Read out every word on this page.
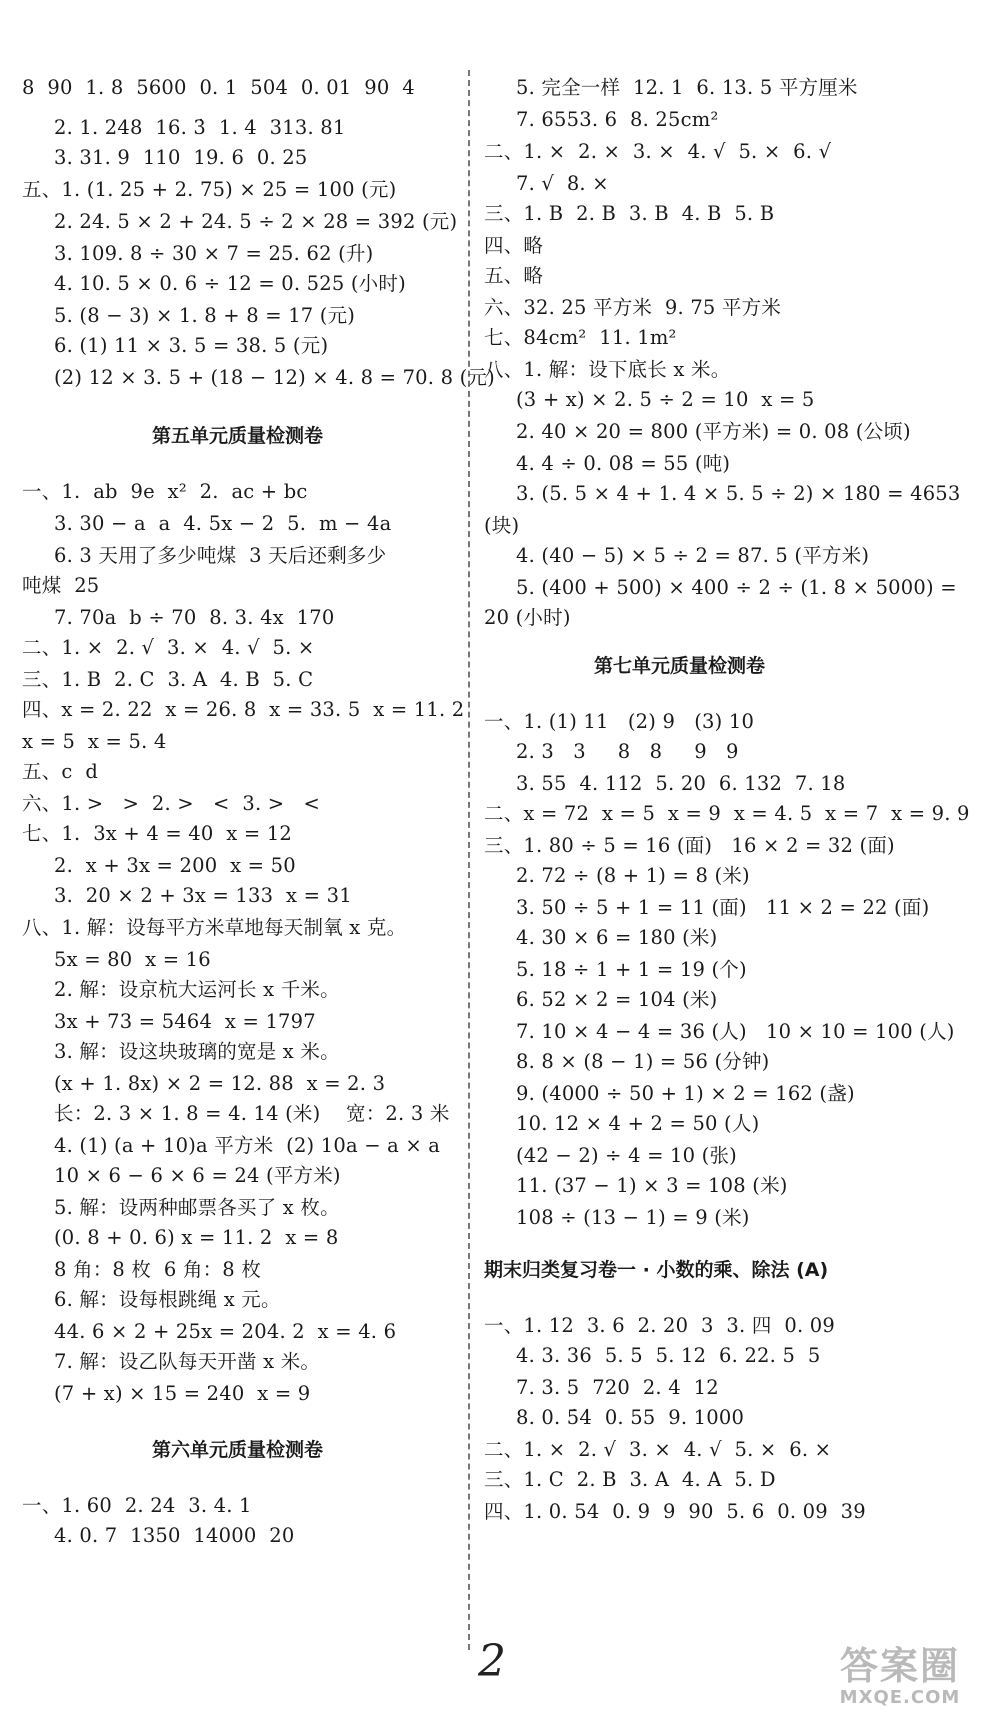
8  90  1. 8  5600  0. 1  504  0. 01  90  4
2. 1. 248  16. 3̇  1. 4  313. 81
3. 31. 9  110  19. 6  0. 25
五、1. (1. 25 + 2. 75) × 25 = 100 (元)
2. 24. 5 × 2 + 24. 5 ÷ 2 × 28 = 392 (元)
3. 109. 8 ÷ 30 × 7 = 25. 62 (升)
4. 10. 5 × 0. 6 ÷ 12 = 0. 525 (小时)
5. (8 − 3) × 1. 8 + 8 = 17 (元)
6. (1) 11 × 3. 5 = 38. 5 (元)
(2) 12 × 3. 5 + (18 − 12) × 4. 8 = 70. 8 (元)
第五单元质量检测卷
一、1.  ab  9e  x²  2.  ac + bc
3. 30 − a  a  4. 5x − 2  5.  m − 4a
6. 3 天用了多少吨煤  3 天后还剩多少
吨煤  25
7. 70a  b ÷ 70  8. 3. 4x  170
二、1. ×  2. √  3. ×  4. √  5. ×
三、1. B  2. C  3. A  4. B  5. C
四、x = 2. 22  x = 26. 8  x = 33. 5  x = 11. 2
x = 5  x = 5. 4
五、c  d
六、1. >   >  2. >   <  3. >   <
七、1.  3x + 4 = 40  x = 12
2.  x + 3x = 200  x = 50
3.  20 × 2 + 3x = 133  x = 31
八、1. 解：设每平方米草地每天制氧 x 克。
5x = 80  x = 16
2. 解：设京杭大运河长 x 千米。
3x + 73 = 5464  x = 1797
3. 解：设这块玻璃的宽是 x 米。
(x + 1. 8x) × 2 = 12. 88  x = 2. 3
长：2. 3 × 1. 8 = 4. 14 (米)    宽：2. 3 米
4. (1) (a + 10)a 平方米  (2) 10a − a × a
10 × 6 − 6 × 6 = 24 (平方米)
5. 解：设两种邮票各买了 x 枚。
(0. 8 + 0. 6) x = 11. 2  x = 8
8 角：8 枚  6 角：8 枚
6. 解：设每根跳绳 x 元。
44. 6 × 2 + 25x = 204. 2  x = 4. 6
7. 解：设乙队每天开凿 x 米。
(7 + x) × 15 = 240  x = 9
第六单元质量检测卷
一、1. 60  2. 24  3. 4. 1
4. 0. 7  1350  14000  20
5. 完全一样  12. 1  6. 13. 5 平方厘米
7. 6553. 6  8. 25cm²
二、1. ×  2. ×  3. ×  4. √  5. ×  6. √
7. √  8. ×
三、1. B  2. B  3. B  4. B  5. B
四、略
五、略
六、32. 25 平方米  9. 75 平方米
七、84cm²  11. 1m²
八、1. 解：设下底长 x 米。
(3 + x) × 2. 5 ÷ 2 = 10  x = 5
2. 40 × 20 = 800 (平方米) = 0. 08 (公顷)
4. 4 ÷ 0. 08 = 55 (吨)
3. (5. 5 × 4 + 1. 4 × 5. 5 ÷ 2) × 180 = 4653
(块)
4. (40 − 5) × 5 ÷ 2 = 87. 5 (平方米)
5. (400 + 500) × 400 ÷ 2 ÷ (1. 8 × 5000) =
20 (小时)
第七单元质量检测卷
一、1. (1) 11   (2) 9   (3) 10
2. 3   3     8   8     9   9
3. 55  4. 112  5. 20  6. 132  7. 18
二、x = 72  x = 5  x = 9  x = 4. 5  x = 7  x = 9. 9
三、1. 80 ÷ 5 = 16 (面)   16 × 2 = 32 (面)
2. 72 ÷ (8 + 1) = 8 (米)
3. 50 ÷ 5 + 1 = 11 (面)   11 × 2 = 22 (面)
4. 30 × 6 = 180 (米)
5. 18 ÷ 1 + 1 = 19 (个)
6. 52 × 2 = 104 (米)
7. 10 × 4 − 4 = 36 (人)   10 × 10 = 100 (人)
8. 8 × (8 − 1) = 56 (分钟)
9. (4000 ÷ 50 + 1) × 2 = 162 (盏)
10. 12 × 4 + 2 = 50 (人)
(42 − 2) ÷ 4 = 10 (张)
11. (37 − 1) × 3 = 108 (米)
108 ÷ (13 − 1) = 9 (米)
期末归类复习卷一 · 小数的乘、除法 (A)
一、1. 12  3. 6  2. 20  3  3. 四  0. 09
4. 3. 36  5. 5  5. 12  6. 22. 5  5
7. 3. 5  720  2. 4  12
8. 0. 5̇4̇  0. 55  9. 1000
二、1. ×  2. √  3. ×  4. √  5. ×  6. ×
三、1. C  2. B  3. A  4. A  5. D
四、1. 0. 54  0. 9  9  90  5. 6  0. 09  39
2	答案圈
MXQE.COM
